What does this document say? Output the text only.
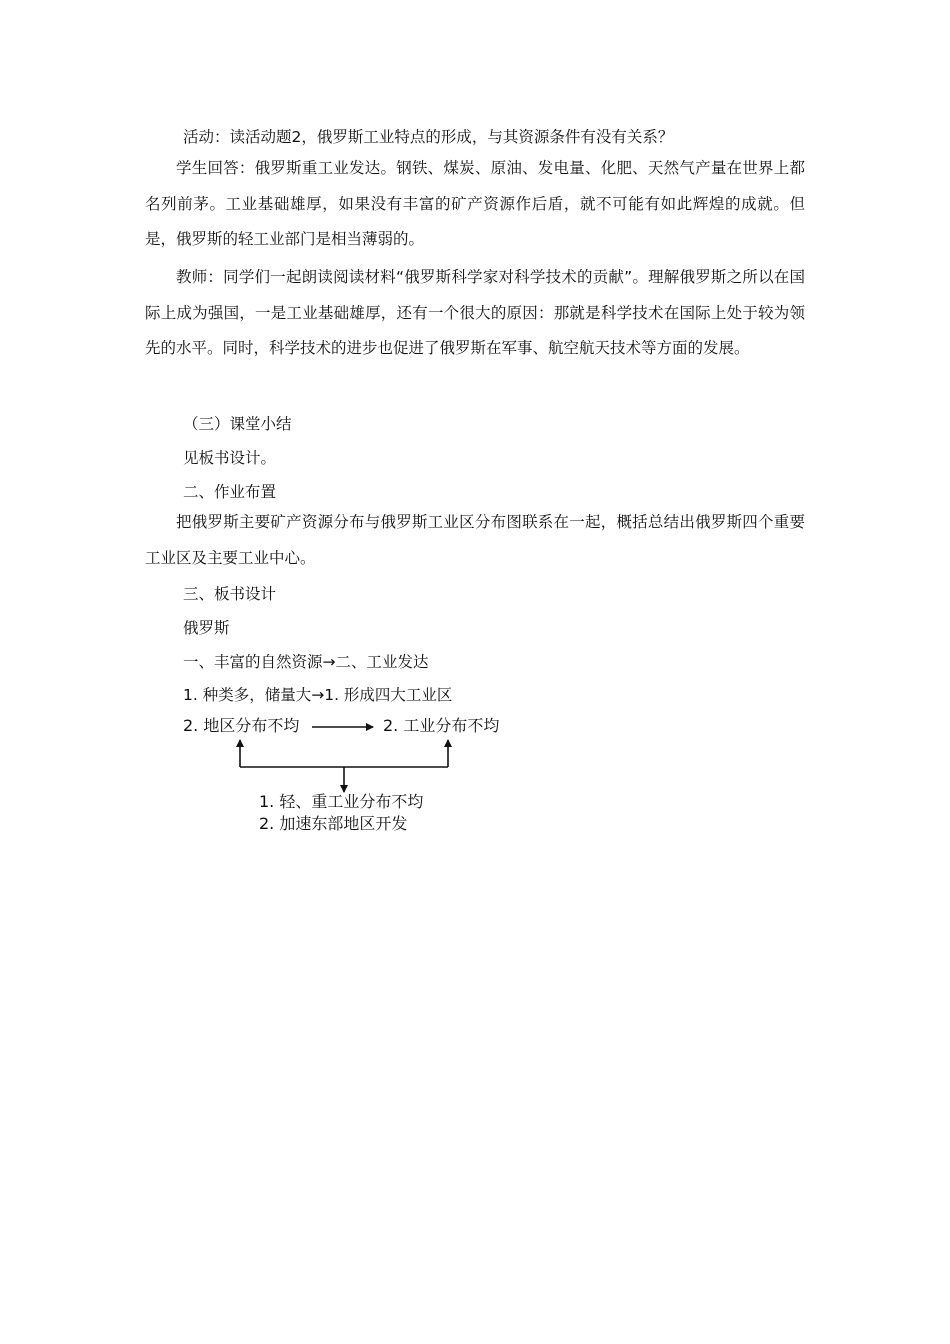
活动：读活动题2，俄罗斯工业特点的形成，与其资源条件有没有关系？

学生回答：俄罗斯重工业发达。钢铁、煤炭、原油、发电量、化肥、天然气产量在世界上都名列前茅。工业基础雄厚，如果没有丰富的矿产资源作后盾，就不可能有如此辉煌的成就。但是，俄罗斯的轻工业部门是相当薄弱的。

教师：同学们一起朗读阅读材料“俄罗斯科学家对科学技术的贡献”。理解俄罗斯之所以在国际上成为强国，一是工业基础雄厚，还有一个很大的原因：那就是科学技术在国际上处于较为领先的水平。同时，科学技术的进步也促进了俄罗斯在军事、航空航天技术等方面的发展。

（三）课堂小结

见板书设计。

二、作业布置

把俄罗斯主要矿产资源分布与俄罗斯工业区分布图联系在一起，概括总结出俄罗斯四个重要工业区及主要工业中心。

三、板书设计

俄罗斯

一、丰富的自然资源→二、工业发达

1. 种类多，储量大→1. 形成四大工业区

2. 地区分布不均	2. 工业分布不均
1. 轻、重工业分布不均
2. 加速东部地区开发
